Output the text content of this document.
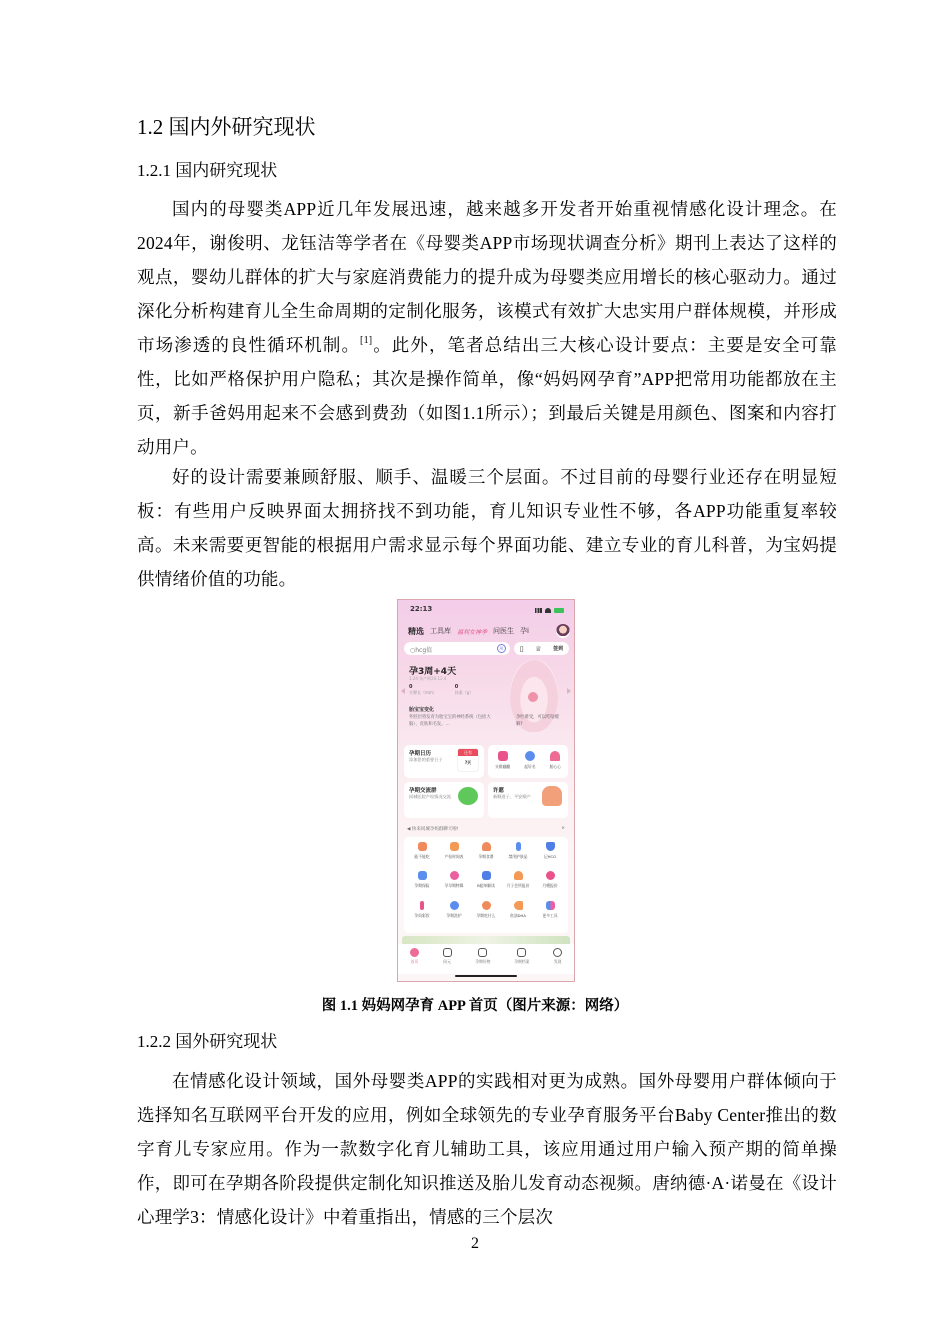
1.2 国内外研究现状
1.2.1 国内研究现状
国内的母婴类APP近几年发展迅速，越来越多开发者开始重视情感化设计理念。在2024年，谢俊明、龙钰洁等学者在《母婴类APP市场现状调查分析》期刊上表达了这样的观点，婴幼儿群体的扩大与家庭消费能力的提升成为母婴类应用增长的核心驱动力。通过深化分析构建育儿全生命周期的定制化服务，该模式有效扩大忠实用户群体规模，并形成市场渗透的良性循环机制。[1]。此外，笔者总结出三大核心设计要点：主要是安全可靠性，比如严格保护用户隐私；其次是操作简单，像“妈妈网孕育”APP把常用功能都放在主页，新手爸妈用起来不会感到费劲（如图1.1所示）；到最后关键是用颜色、图案和内容打动用户。
好的设计需要兼顾舒服、顺手、温暖三个层面。不过目前的母婴行业还存在明显短板：有些用户反映界面太拥挤找不到功能，育儿知识专业性不够，各APP功能重复率较高。未来需要更智能的根据用户需求显示每个界面功能、建立专业的育儿科普，为宝妈提供情绪价值的功能。
22:13
精选 工具库 福利女神季 问医生 孕i
○hcg值	AI	▯ ♕ 签到
孕3周+4天
3.24 预产期26.12.4
0
头臀长（mm）
0
体重（g）
胎宝宝变化
外胚层将发育为胎宝宝的神经系统（包括大脑）、皮肤和毛发。...
孕吐难受，可以吃啥缓解?
孕期日历
添加您的重要日子
还有
?天
头维翻翻	起好名	胎心心
孕期交流群
同城医院产检情况交流
许愿
新顺进子、平安顺产
◀ 快来同城孕妈群聊天啦!	×
能不能吃	产检时间表	孕期食谱	禁用护肤品	记HCG
孕期保险	孕早期特辑	B超单解读	月子会所报价	月嫂报价
孕妈彩妆	孕期洗护	孕期吃什么	鱼油DHA	更多工具
首页	同元	孕期好物	孕期档案	发现
图 1.1 妈妈网孕育 APP 首页（图片来源：网络）
1.2.2 国外研究现状
在情感化设计领域，国外母婴类APP的实践相对更为成熟。国外母婴用户群体倾向于选择知名互联网平台开发的应用，例如全球领先的专业孕育服务平台Baby Center推出的数字育儿专家应用。作为一款数字化育儿辅助工具，该应用通过用户输入预产期的简单操作，即可在孕期各阶段提供定制化知识推送及胎儿发育动态视频。唐纳德·A·诺曼在《设计心理学3：情感化设计》中着重指出，情感的三个层次
2
